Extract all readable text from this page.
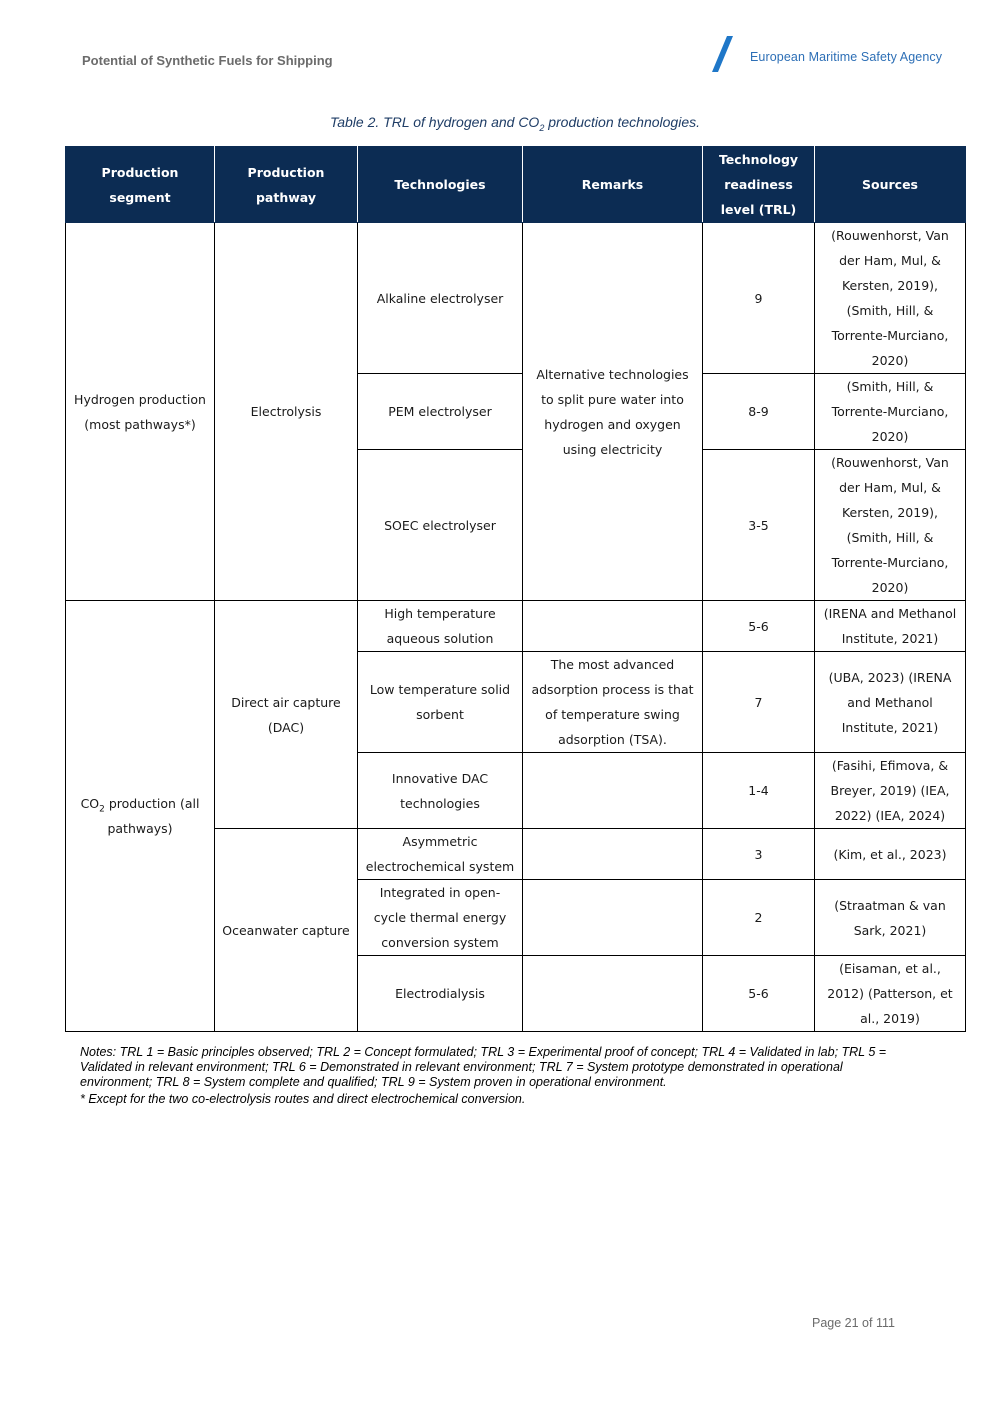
Potential of Synthetic Fuels for Shipping	European Maritime Safety Agency
Table 2. TRL of hydrogen and $CO_2$ production technologies.
Production segment	Production pathway	Technologies	Remarks	Technology readiness level (TRL)	Sources
Hydrogen production (most pathways*)	Electrolysis	Alkaline electrolyser	Alternative technologies to split pure water into hydrogen and oxygen using electricity	9	(Rouwenhorst, Van der Ham, Mul, & Kersten, 2019), (Smith, Hill, & Torrente-Murciano, 2020)
		PEM electrolyser		8-9	(Smith, Hill, & Torrente-Murciano, 2020)
		SOEC electrolyser		3-5	(Rouwenhorst, Van der Ham, Mul, & Kersten, 2019), (Smith, Hill, & Torrente-Murciano, 2020)
$CO_2$ production (all pathways)	Direct air capture (DAC)	High temperature aqueous solution		5-6	(IRENA and Methanol Institute, 2021)
		Low temperature solid sorbent	The most advanced adsorption process is that of temperature swing adsorption (TSA).	7	(UBA, 2023) (IRENA and Methanol Institute, 2021)
		Innovative DAC technologies		1-4	(Fasihi, Efimova, & Breyer, 2019) (IEA, 2022) (IEA, 2024)
	Oceanwater capture	Asymmetric electrochemical system		3	(Kim, et al., 2023)
		Integrated in open-cycle thermal energy conversion system		2	(Straatman & van Sark, 2021)
		Electrodialysis		5-6	(Eisaman, et al., 2012) (Patterson, et al., 2019)

Notes: TRL 1 = Basic principles observed; TRL 2 = Concept formulated; TRL 3 = Experimental proof of concept; TRL 4 = Validated in lab; TRL 5 = Validated in relevant environment; TRL 6 = Demonstrated in relevant environment; TRL 7 = System prototype demonstrated in operational environment; TRL 8 = System complete and qualified; TRL 9 = System proven in operational environment.

* Except for the two co-electrolysis routes and direct electrochemical conversion.

Page 21 of 111
